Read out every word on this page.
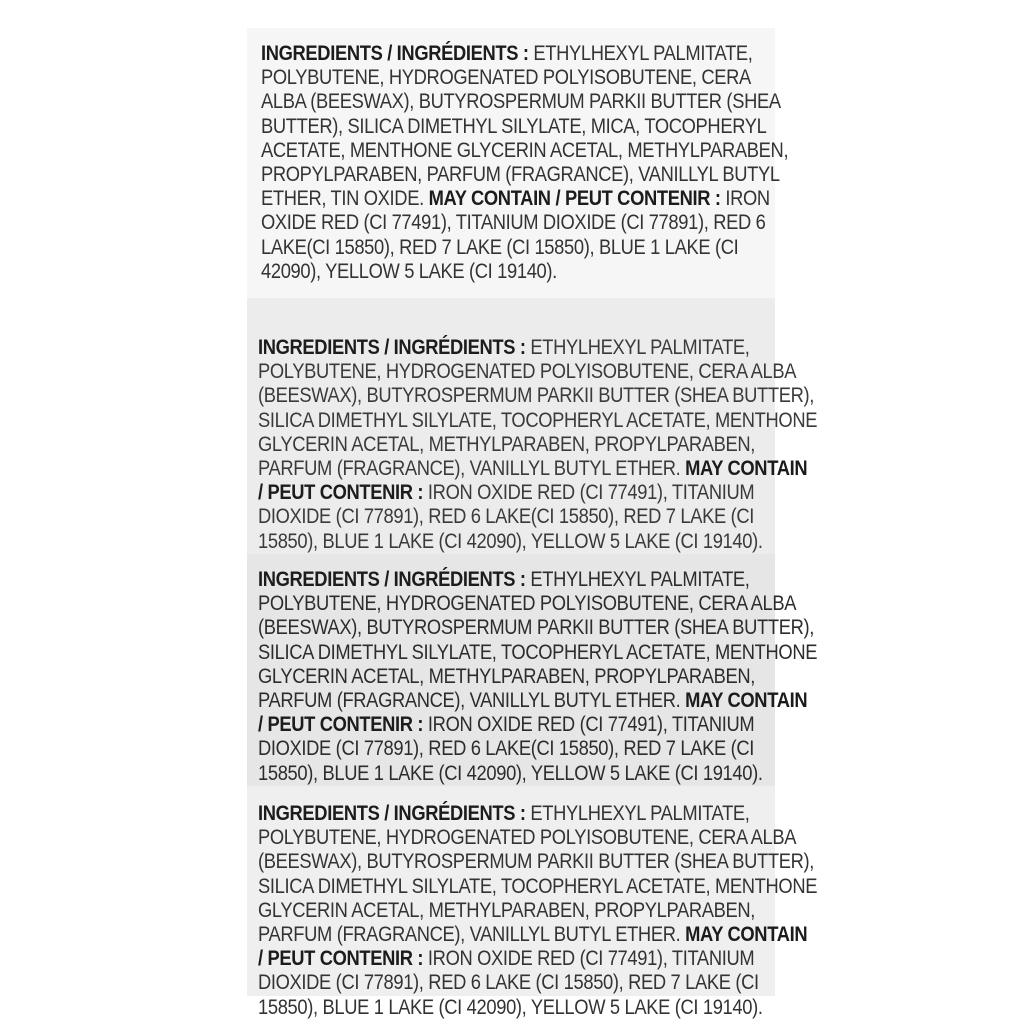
INGREDIENTS / INGRÉDIENTS : ETHYLHEXYL PALMITATE,
POLYBUTENE, HYDROGENATED POLYISOBUTENE, CERA
ALBA (BEESWAX), BUTYROSPERMUM PARKII BUTTER (SHEA
BUTTER), SILICA DIMETHYL SILYLATE, MICA, TOCOPHERYL
ACETATE, MENTHONE GLYCERIN ACETAL, METHYLPARABEN,
PROPYLPARABEN, PARFUM (FRAGRANCE), VANILLYL BUTYL
ETHER, TIN OXIDE. MAY CONTAIN / PEUT CONTENIR : IRON
OXIDE RED (CI 77491), TITANIUM DIOXIDE (CI 77891), RED 6
LAKE(CI 15850), RED 7 LAKE (CI 15850), BLUE 1 LAKE (CI
42090), YELLOW 5 LAKE (CI 19140).

INGREDIENTS / INGRÉDIENTS : ETHYLHEXYL PALMITATE,
POLYBUTENE, HYDROGENATED POLYISOBUTENE, CERA ALBA
(BEESWAX), BUTYROSPERMUM PARKII BUTTER (SHEA BUTTER),
SILICA DIMETHYL SILYLATE, TOCOPHERYL ACETATE, MENTHONE
GLYCERIN ACETAL, METHYLPARABEN, PROPYLPARABEN,
PARFUM (FRAGRANCE), VANILLYL BUTYL ETHER. MAY CONTAIN
/ PEUT CONTENIR : IRON OXIDE RED (CI 77491), TITANIUM
DIOXIDE (CI 77891), RED 6 LAKE(CI 15850), RED 7 LAKE (CI
15850), BLUE 1 LAKE (CI 42090), YELLOW 5 LAKE (CI 19140).

INGREDIENTS / INGRÉDIENTS : ETHYLHEXYL PALMITATE,
POLYBUTENE, HYDROGENATED POLYISOBUTENE, CERA ALBA
(BEESWAX), BUTYROSPERMUM PARKII BUTTER (SHEA BUTTER),
SILICA DIMETHYL SILYLATE, TOCOPHERYL ACETATE, MENTHONE
GLYCERIN ACETAL, METHYLPARABEN, PROPYLPARABEN,
PARFUM (FRAGRANCE), VANILLYL BUTYL ETHER. MAY CONTAIN
/ PEUT CONTENIR : IRON OXIDE RED (CI 77491), TITANIUM
DIOXIDE (CI 77891), RED 6 LAKE(CI 15850), RED 7 LAKE (CI
15850), BLUE 1 LAKE (CI 42090), YELLOW 5 LAKE (CI 19140).

INGREDIENTS / INGRÉDIENTS : ETHYLHEXYL PALMITATE,
POLYBUTENE, HYDROGENATED POLYISOBUTENE, CERA ALBA
(BEESWAX), BUTYROSPERMUM PARKII BUTTER (SHEA BUTTER),
SILICA DIMETHYL SILYLATE, TOCOPHERYL ACETATE, MENTHONE
GLYCERIN ACETAL, METHYLPARABEN, PROPYLPARABEN,
PARFUM (FRAGRANCE), VANILLYL BUTYL ETHER. MAY CONTAIN
/ PEUT CONTENIR : IRON OXIDE RED (CI 77491), TITANIUM
DIOXIDE (CI 77891), RED 6 LAKE (CI 15850), RED 7 LAKE (CI
15850), BLUE 1 LAKE (CI 42090), YELLOW 5 LAKE (CI 19140).
